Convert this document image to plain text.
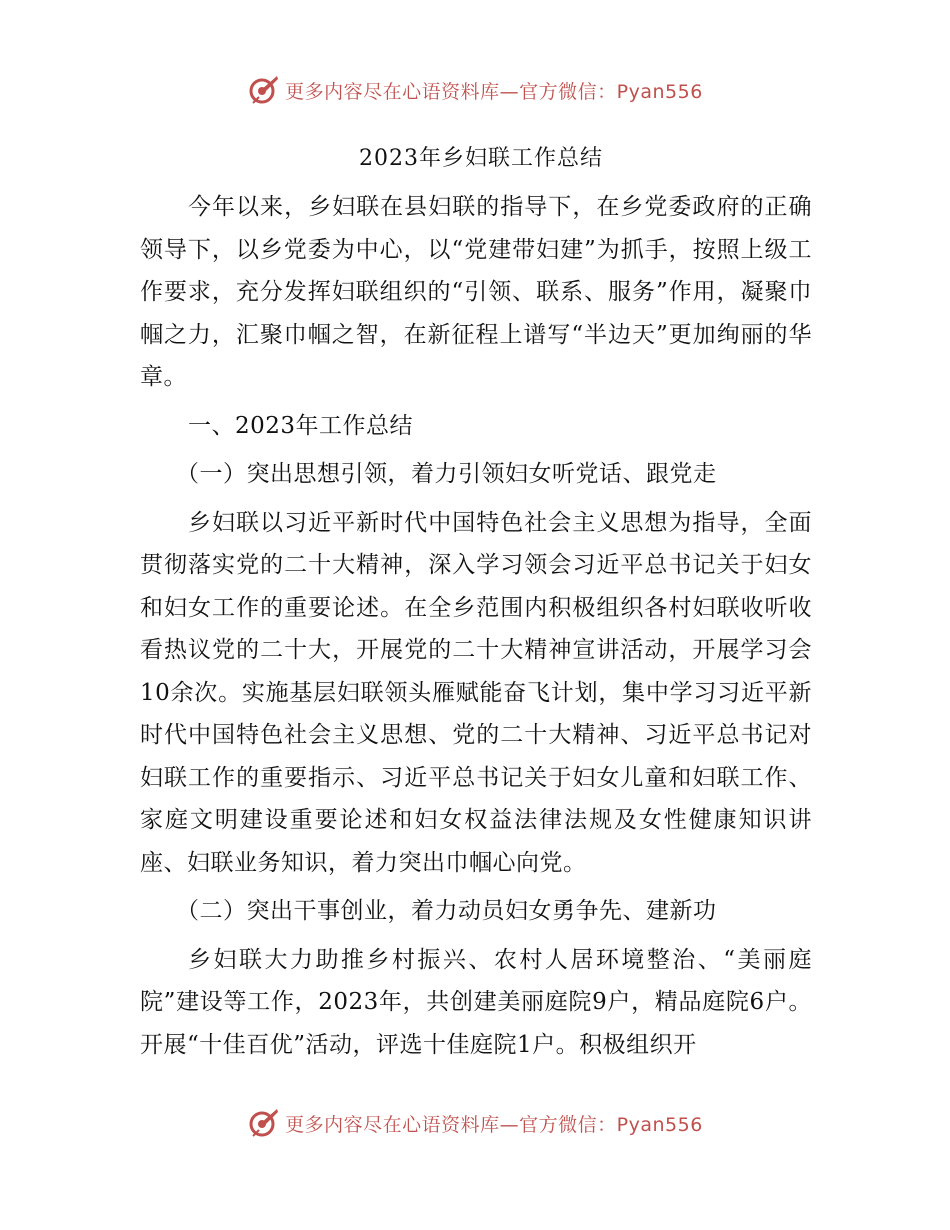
更多内容尽在心语资料库—官方微信：Pyan556

2023年乡妇联工作总结

今年以来，乡妇联在县妇联的指导下，在乡党委政府的正确领导下，以乡党委为中心，以“党建带妇建”为抓手，按照上级工作要求，充分发挥妇联组织的“引领、联系、服务”作用，凝聚巾帼之力，汇聚巾帼之智，在新征程上谱写“半边天”更加绚丽的华章。

一、2023年工作总结

（一）突出思想引领，着力引领妇女听党话、跟党走

乡妇联以习近平新时代中国特色社会主义思想为指导，全面贯彻落实党的二十大精神，深入学习领会习近平总书记关于妇女和妇女工作的重要论述。在全乡范围内积极组织各村妇联收听收看热议党的二十大，开展党的二十大精神宣讲活动，开展学习会10余次。实施基层妇联领头雁赋能奋飞计划，集中学习习近平新时代中国特色社会主义思想、党的二十大精神、习近平总书记对妇联工作的重要指示、习近平总书记关于妇女儿童和妇联工作、家庭文明建设重要论述和妇女权益法律法规及女性健康知识讲座、妇联业务知识，着力突出巾帼心向党。

（二）突出干事创业，着力动员妇女勇争先、建新功

乡妇联大力助推乡村振兴、农村人居环境整治、“美丽庭院”建设等工作，2023年，共创建美丽庭院9户，精品庭院6户。开展“十佳百优”活动，评选十佳庭院1户。积极组织开

更多内容尽在心语资料库—官方微信：Pyan556
